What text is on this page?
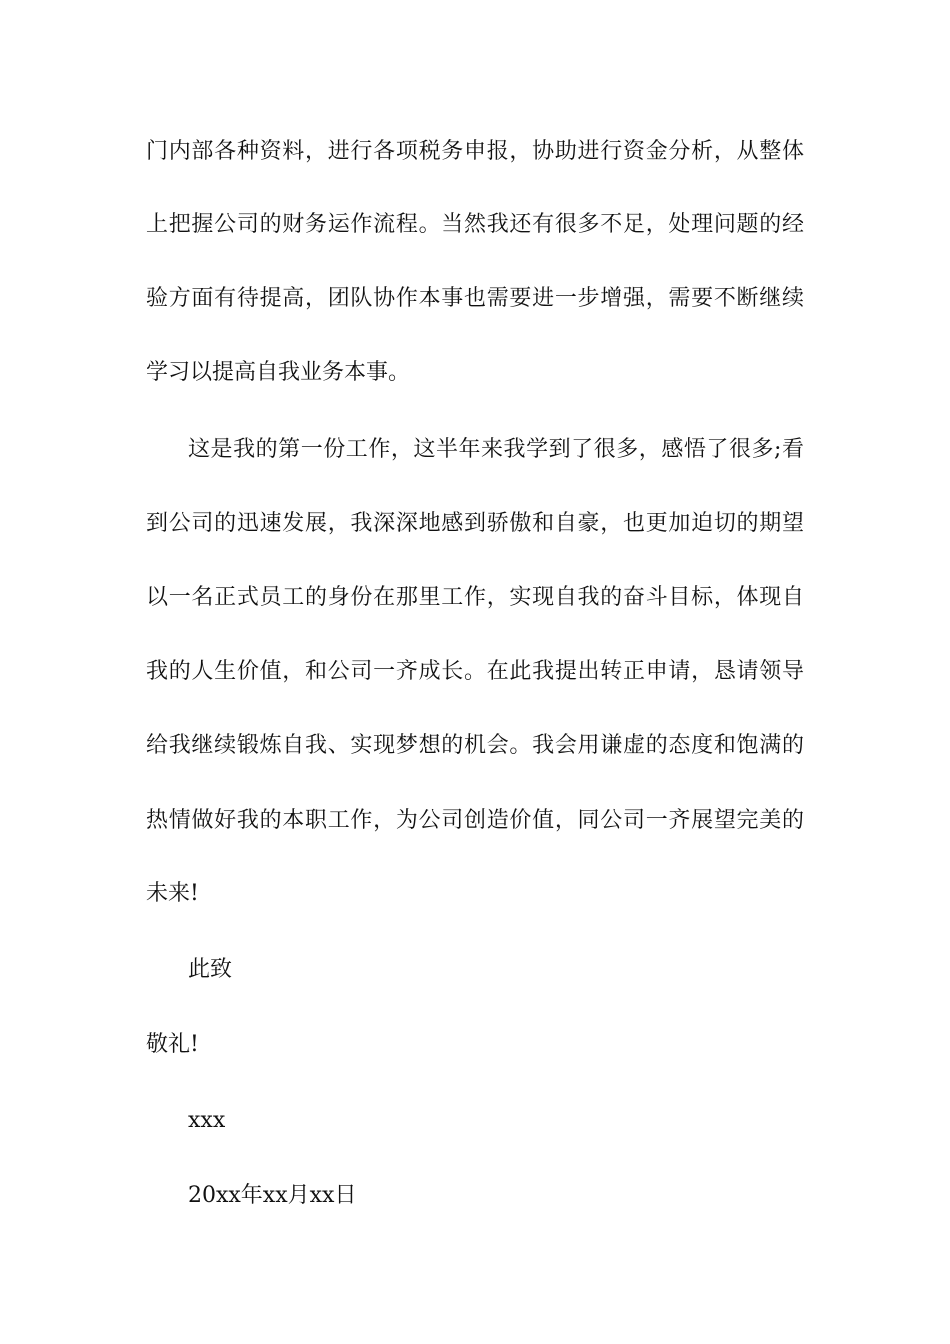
门内部各种资料，进行各项税务申报，协助进行资金分析，从整体
上把握公司的财务运作流程。当然我还有很多不足，处理问题的经
验方面有待提高，团队协作本事也需要进一步增强，需要不断继续
学习以提高自我业务本事。
这是我的第一份工作，这半年来我学到了很多，感悟了很多;看
到公司的迅速发展，我深深地感到骄傲和自豪，也更加迫切的期望
以一名正式员工的身份在那里工作，实现自我的奋斗目标，体现自
我的人生价值，和公司一齐成长。在此我提出转正申请，恳请领导
给我继续锻炼自我、实现梦想的机会。我会用谦虚的态度和饱满的
热情做好我的本职工作，为公司创造价值，同公司一齐展望完美的
未来!
此致
敬礼!
xxx
20xx年xx月xx日
